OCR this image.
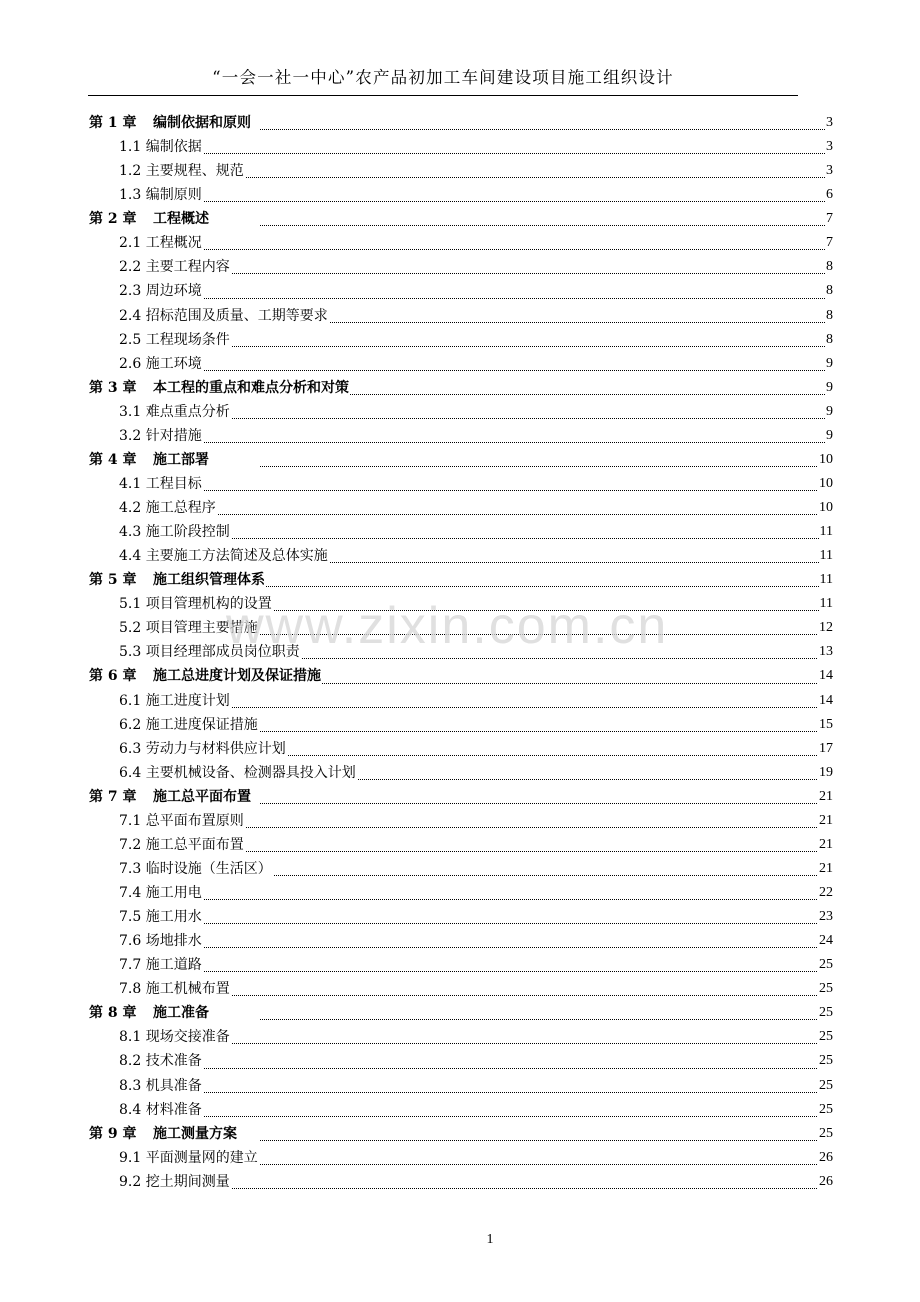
“一会一社一中心”农产品初加工车间建设项目施工组织设计
第 1 章 编制依据和原则	3
1.1 编制依据	3
1.2 主要规程、规范	3
1.3 编制原则	6
第 2 章 工程概述	7
2.1 工程概况	7
2.2 主要工程内容	8
2.3 周边环境	8
2.4 招标范围及质量、工期等要求	8
2.5 工程现场条件	8
2.6 施工环境	9
第 3 章 本工程的重点和难点分析和对策	9
3.1 难点重点分析	9
3.2 针对措施	9
第 4 章 施工部署	10
4.1 工程目标	10
4.2 施工总程序	10
4.3 施工阶段控制	11
4.4 主要施工方法简述及总体实施	11
第 5 章 施工组织管理体系	11
5.1 项目管理机构的设置	11
5.2 项目管理主要措施	12
5.3 项目经理部成员岗位职责	13
第 6 章 施工总进度计划及保证措施	14
6.1 施工进度计划	14
6.2 施工进度保证措施	15
6.3 劳动力与材料供应计划	17
6.4 主要机械设备、检测器具投入计划	19
第 7 章 施工总平面布置	21
7.1 总平面布置原则	21
7.2 施工总平面布置	21
7.3 临时设施（生活区）	21
7.4 施工用电	22
7.5 施工用水	23
7.6 场地排水	24
7.7 施工道路	25
7.8 施工机械布置	25
第 8 章 施工准备	25
8.1 现场交接准备	25
8.2 技术准备	25
8.3 机具准备	25
8.4 材料准备	25
第 9 章 施工测量方案	25
9.1 平面测量网的建立	26
9.2 挖土期间测量	26
www.zixin.com.cn
1
